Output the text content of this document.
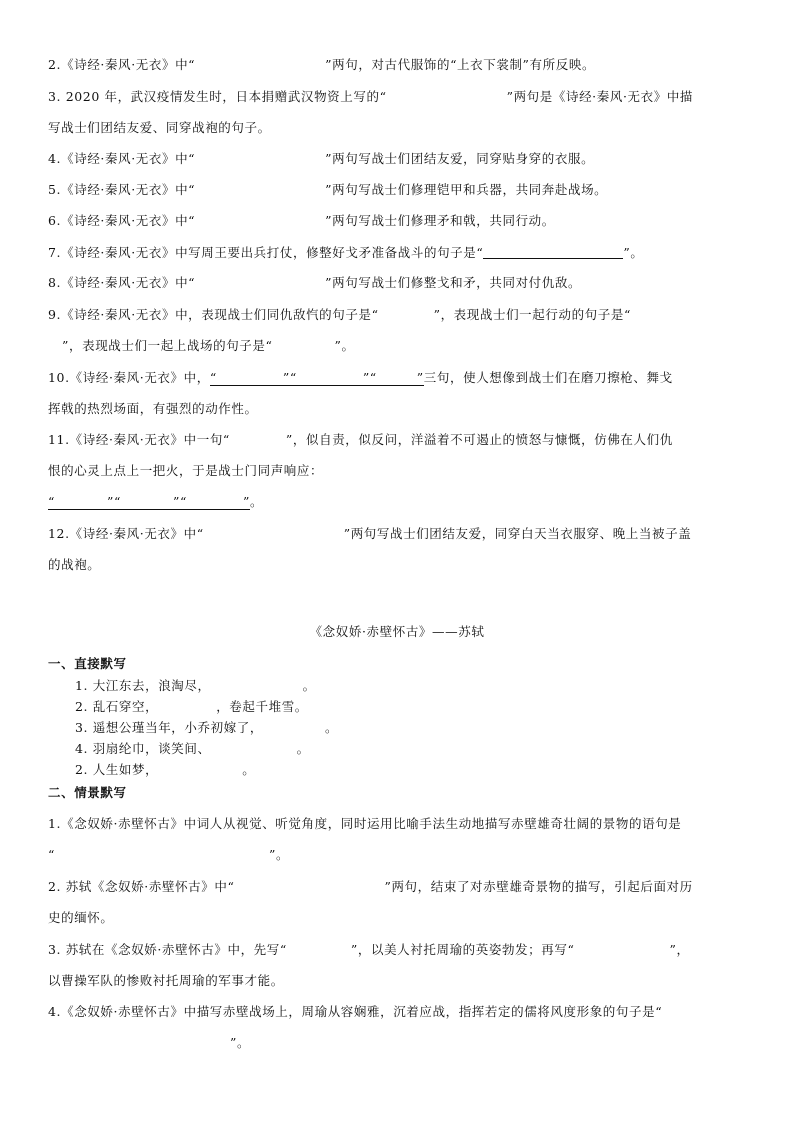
2.《诗经·秦风·无衣》中“	”两句，对古代服饰的“上衣下裳制”有所反映。
3. 2020 年，武汉疫情发生时，日本捐赠武汉物资上写的“	”两句是《诗经·秦风·无衣》中描
写战士们团结友爱、同穿战袍的句子。
4.《诗经·秦风·无衣》中“	”两句写战士们团结友爱，同穿贴身穿的衣服。
5.《诗经·秦风·无衣》中“	”两句写战士们修理铠甲和兵器，共同奔赴战场。
6.《诗经·秦风·无衣》中“	”两句写战士们修理矛和戟，共同行动。
7.《诗经·秦风·无衣》中写周王要出兵打仗，修整好戈矛准备战斗的句子是“	”。
8.《诗经·秦风·无衣》中“	”两句写战士们修整戈和矛，共同对付仇敌。
9.《诗经·秦风·无衣》中，表现战士们同仇敌忾的句子是“	”，表现战士们一起行动的句子是“
”，表现战士们一起上战场的句子是“	”。
10.《诗经·秦风·无衣》中，“	”“	”“	”三句，使人想像到战士们在磨刀擦枪、舞戈
挥戟的热烈场面，有强烈的动作性。
11.《诗经·秦风·无衣》中一句“	”，似自责，似反问，洋溢着不可遏止的愤怒与慷慨，仿佛在人们仇
恨的心灵上点上一把火，于是战士门同声响应：
“	”“	”“	”。
12.《诗经·秦风·无衣》中“	”两句写战士们团结友爱，同穿白天当衣服穿、晚上当被子盖
的战袍。
《念奴娇·赤壁怀古》——苏轼
一、直接默写
1. 大江东去，浪淘尽，	。
2. 乱石穿空，	，卷起千堆雪。
3. 遥想公瑾当年，小乔初嫁了，	。
4. 羽扇纶巾，谈笑间、	。
2. 人生如梦，	。
二、情景默写
1.《念奴娇·赤壁怀古》中词人从视觉、听觉角度，同时运用比喻手法生动地描写赤壁雄奇壮阔的景物的语句是
“	”。
2. 苏轼《念奴娇·赤壁怀古》中“	”两句，结束了对赤壁雄奇景物的描写，引起后面对历
史的缅怀。
3. 苏轼在《念奴娇·赤壁怀古》中，先写“	”，以美人衬托周瑜的英姿勃发；再写“	”，
以曹操军队的惨败衬托周瑜的军事才能。
4.《念奴娇·赤壁怀古》中描写赤壁战场上，周瑜从容娴雅，沉着应战，指挥若定的儒将风度形象的句子是“
”。
